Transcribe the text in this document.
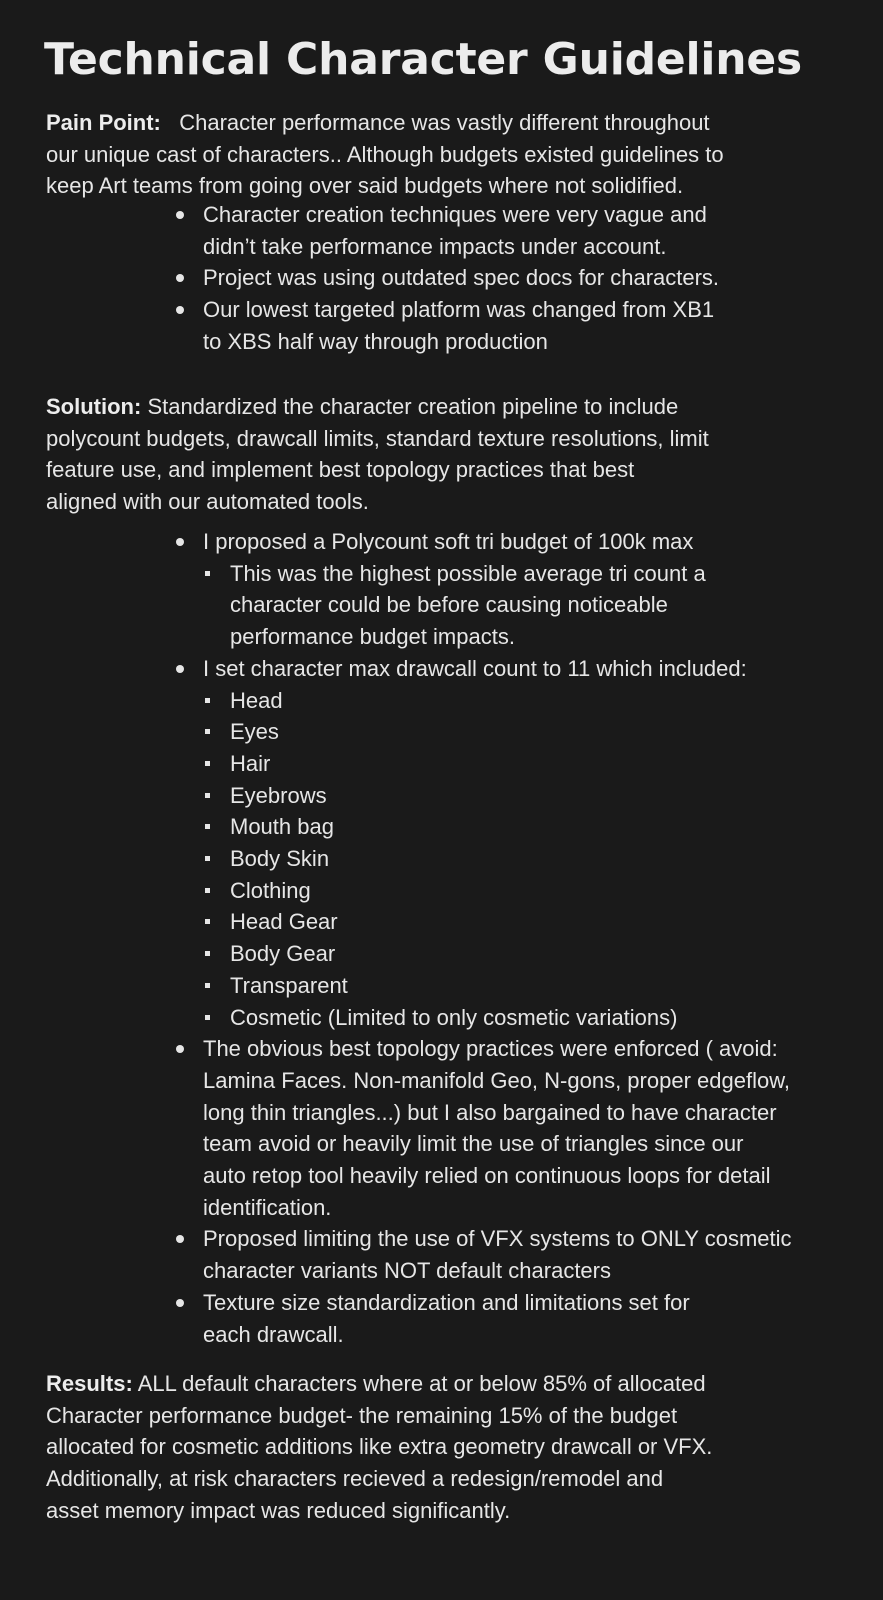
Technical Character Guidelines

Pain Point: Character performance was vastly different throughout
our unique cast of characters.. Although budgets existed guidelines to
keep Art teams from going over said budgets where not solidified.

Character creation techniques were very vague and
didn’t take performance impacts under account.
Project was using outdated spec docs for characters.
Our lowest targeted platform was changed from XB1
to XBS half way through production

Solution: Standardized the character creation pipeline to include
polycount budgets, drawcall limits, standard texture resolutions, limit
feature use, and implement best topology practices that best
aligned with our automated tools.

I proposed a Polycount soft tri budget of 100k max
This was the highest possible average tri count a
character could be before causing noticeable
performance budget impacts.
I set character max drawcall count to 11 which included:
Head
Eyes
Hair
Eyebrows
Mouth bag
Body Skin
Clothing
Head Gear
Body Gear
Transparent
Cosmetic (Limited to only cosmetic variations)
The obvious best topology practices were enforced ( avoid:
Lamina Faces. Non-manifold Geo, N-gons, proper edgeflow,
long thin triangles...) but I also bargained to have character
team avoid or heavily limit the use of triangles since our
auto retop tool heavily relied on continuous loops for detail
identification.
Proposed limiting the use of VFX systems to ONLY cosmetic
character variants NOT default characters
Texture size standardization and limitations set for
each drawcall.

Results: ALL default characters where at or below 85% of allocated
Character performance budget- the remaining 15% of the budget
allocated for cosmetic additions like extra geometry drawcall or VFX.
Additionally, at risk characters recieved a redesign/remodel and
asset memory impact was reduced significantly.
